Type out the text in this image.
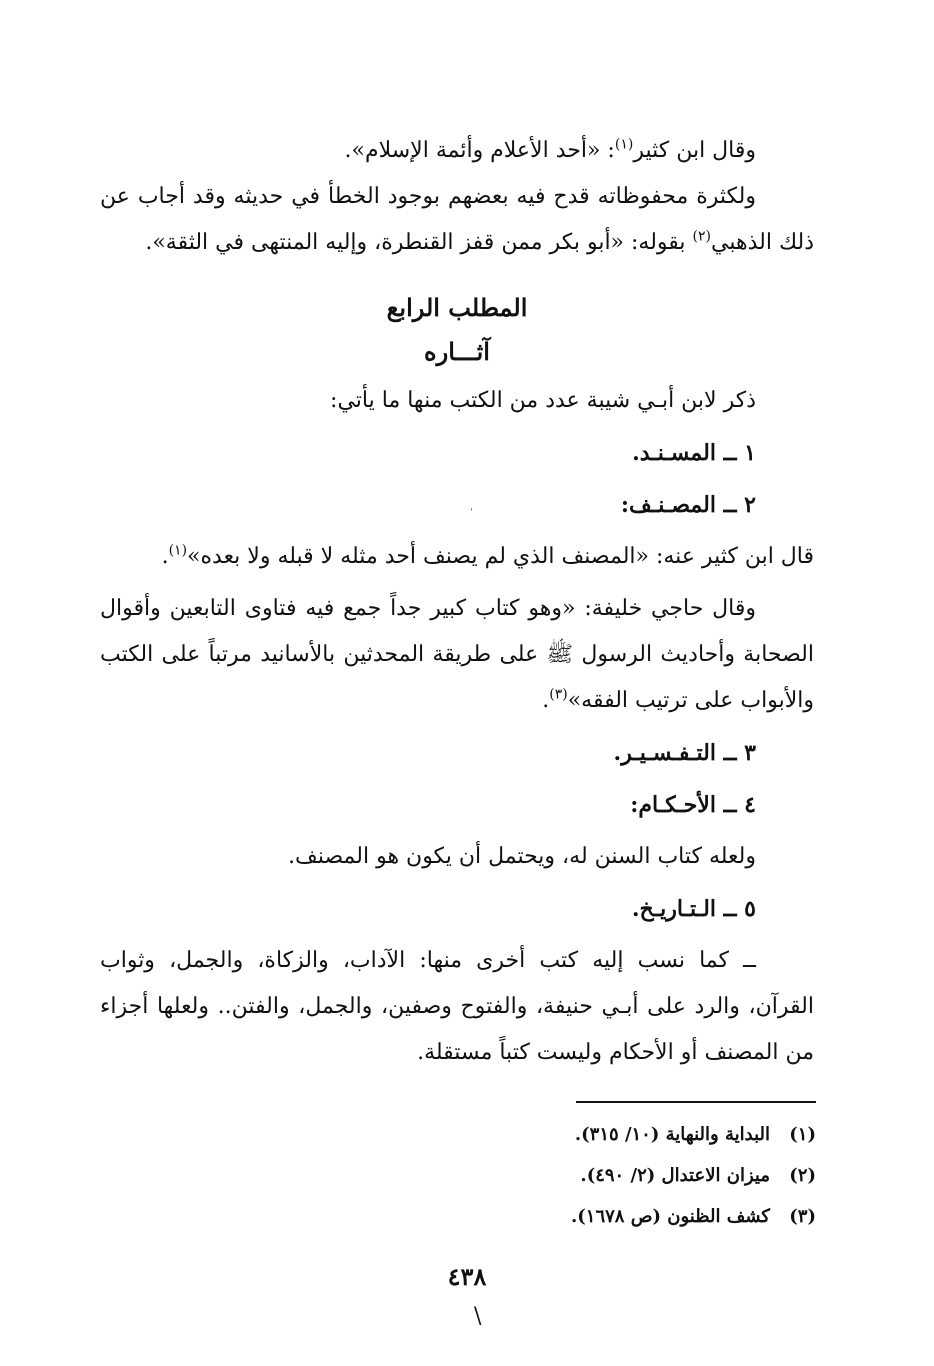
وقال ابن كثير$^{(١)}$: «أحد الأعلام وأئمة الإسلام».

ولكثرة محفوظاته قدح فيه بعضهم بوجود الخطأ في حديثه وقد أجاب عن ذلك الذهبي$^{(٢)}$ بقوله: «أبو بكر ممن قفز القنطرة، وإليه المنتهى في الثقة».

المطلب الرابع
آثـــاره

ذكر لابن أبـي شيبة عدد من الكتب منها ما يأتي:

١ ــ المسـنـد.

٢ ــ المصـنـف:

قال ابن كثير عنه: «المصنف الذي لم يصنف أحد مثله لا قبله ولا بعده»$^{(١)}$.

وقال حاجي خليفة: «وهو كتاب كبير جداً جمع فيه فتاوى التابعين وأقوال الصحابة وأحاديث الرسول ﷺ على طريقة المحدثين بالأسانيد مرتباً على الكتب والأبواب على ترتيب الفقه»$^{(٣)}$.

٣ ــ التـفـسـيـر.

٤ ــ الأحـكـام:

ولعله كتاب السنن له، ويحتمل أن يكون هو المصنف.

٥ ــ الـتـاريـخ.

ــ كما نسب إليه كتب أخرى منها: الآداب، والزكاة، والجمل، وثواب القرآن، والرد على أبـي حنيفة، والفتوح وصفين، والجمل، والفتن.. ولعلها أجزاء من المصنف أو الأحكام وليست كتباً مستقلة.

ˈ

(١)البداية والنهاية (١٠/ ٣١٥).

(٢)ميزان الاعتدال (٢/ ٤٩٠).

(٣)كشف الظنون (ص ١٦٧٨).

٤٣٨
\
